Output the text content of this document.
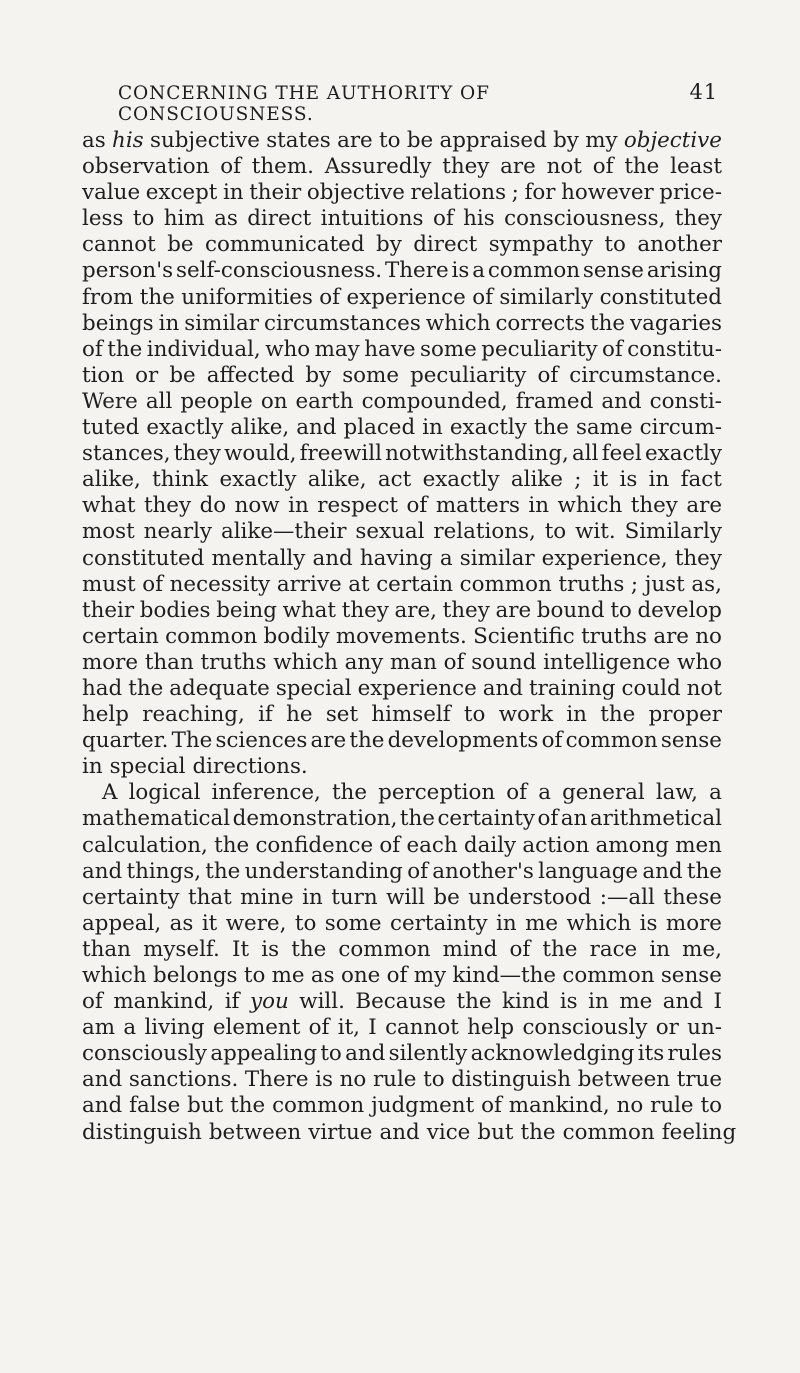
CONCERNING THE AUTHORITY OF CONSCIOUSNESS.
41
as his subjective states are to be appraised by my objective
observation of them. Assuredly they are not of the least
value except in their objective relations ; for however price-
less to him as direct intuitions of his consciousness, they
cannot be communicated by direct sympathy to another
person's self-consciousness. There is a common sense arising
from the uniformities of experience of similarly constituted
beings in similar circumstances which corrects the vagaries
of the individual, who may have some peculiarity of constitu-
tion or be affected by some peculiarity of circumstance.
Were all people on earth compounded, framed and consti-
tuted exactly alike, and placed in exactly the same circum-
stances, they would, freewill notwithstanding, all feel exactly
alike, think exactly alike, act exactly alike ; it is in fact
what they do now in respect of matters in which they are
most nearly alike—their sexual relations, to wit. Similarly
constituted mentally and having a similar experience, they
must of necessity arrive at certain common truths ; just as,
their bodies being what they are, they are bound to develop
certain common bodily movements. Scientific truths are no
more than truths which any man of sound intelligence who
had the adequate special experience and training could not
help reaching, if he set himself to work in the proper
quarter. The sciences are the developments of common sense
in special directions.
A logical inference, the perception of a general law, a
mathematical demonstration, the certainty of an arithmetical
calculation, the confidence of each daily action among men
and things, the understanding of another's language and the
certainty that mine in turn will be understood :—all these
appeal, as it were, to some certainty in me which is more
than myself. It is the common mind of the race in me,
which belongs to me as one of my kind—the common sense
of mankind, if you will. Because the kind is in me and I
am a living element of it, I cannot help consciously or un-
consciously appealing to and silently acknowledging its rules
and sanctions. There is no rule to distinguish between true
and false but the common judgment of mankind, no rule to
distinguish between virtue and vice but the common feeling
